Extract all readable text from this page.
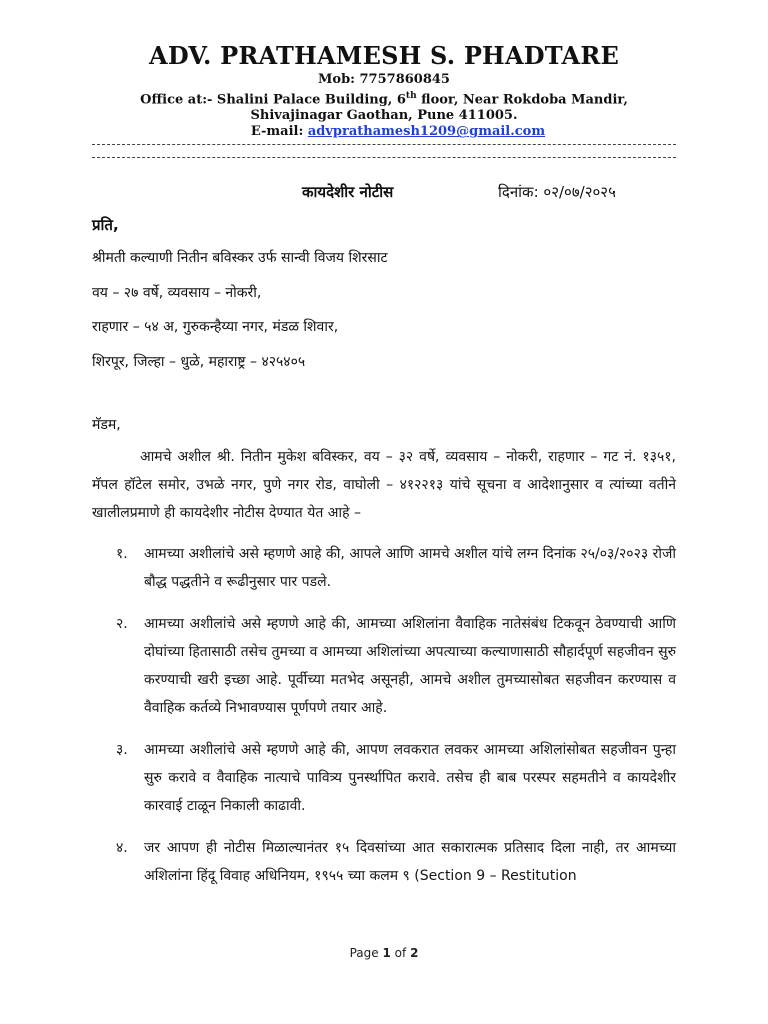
ADV. PRATHAMESH S. PHADTARE

Mob: 7757860845

Office at:- Shalini Palace Building, 6th floor, Near Rokdoba Mandir,

Shivajinagar Gaothan, Pune 411005.

E-mail: advprathamesh1209@gmail.com

कायदेशीर नोटीस	दिनांक: ०२/०७/२०२५
प्रति,
श्रीमती कल्याणी नितीन बविस्कर उर्फ सान्वी विजय शिरसाट
वय – २७ वर्षे, व्यवसाय – नोकरी,
राहणार – ५४ अ, गुरुकन्हैय्या नगर, मंडळ शिवार,
शिरपूर, जिल्हा – धुळे, महाराष्ट्र – ४२५४०५
मॅडम,

आमचे अशील श्री. नितीन मुकेश बविस्कर, वय – ३२ वर्षे, व्यवसाय – नोकरी, राहणार – गट नं. १३५१, मॅपल हॉटेल समोर, उभळे नगर, पुणे नगर रोड, वाघोली – ४१२२१३ यांचे सूचना व आदेशानुसार व त्यांच्या वतीने खालीलप्रमाणे ही कायदेशीर नोटीस देण्यात येत आहे –

१. आमच्या अशीलांचे असे म्हणणे आहे की, आपले आणि आमचे अशील यांचे लग्न दिनांक २५/०३/२०२३ रोजी बौद्ध पद्धतीने व रूढीनुसार पार पडले.
२. आमच्या अशीलांचे असे म्हणणे आहे की, आमच्या अशिलांना वैवाहिक नातेसंबंध टिकवून ठेवण्याची आणि दोघांच्या हितासाठी तसेच तुमच्या व आमच्या अशिलांच्या अपत्याच्या कल्याणासाठी सौहार्दपूर्ण सहजीवन सुरु करण्याची खरी इच्छा आहे. पूर्वीच्या मतभेद असूनही, आमचे अशील तुमच्यासोबत सहजीवन करण्यास व वैवाहिक कर्तव्ये निभावण्यास पूर्णपणे तयार आहे.
३. आमच्या अशीलांचे असे म्हणणे आहे की, आपण लवकरात लवकर आमच्या अशिलांसोबत सहजीवन पुन्हा सुरु करावे व वैवाहिक नात्याचे पावित्र्य पुनर्स्थापित करावे. तसेच ही बाब परस्पर सहमतीने व कायदेशीर कारवाई टाळून निकाली काढावी.
४. जर आपण ही नोटीस मिळाल्यानंतर १५ दिवसांच्या आत सकारात्मक प्रतिसाद दिला नाही, तर आमच्या अशिलांना हिंदू विवाह अधिनियम, १९५५ च्या कलम ९ (Section 9 – Restitution
Page 1 of 2
